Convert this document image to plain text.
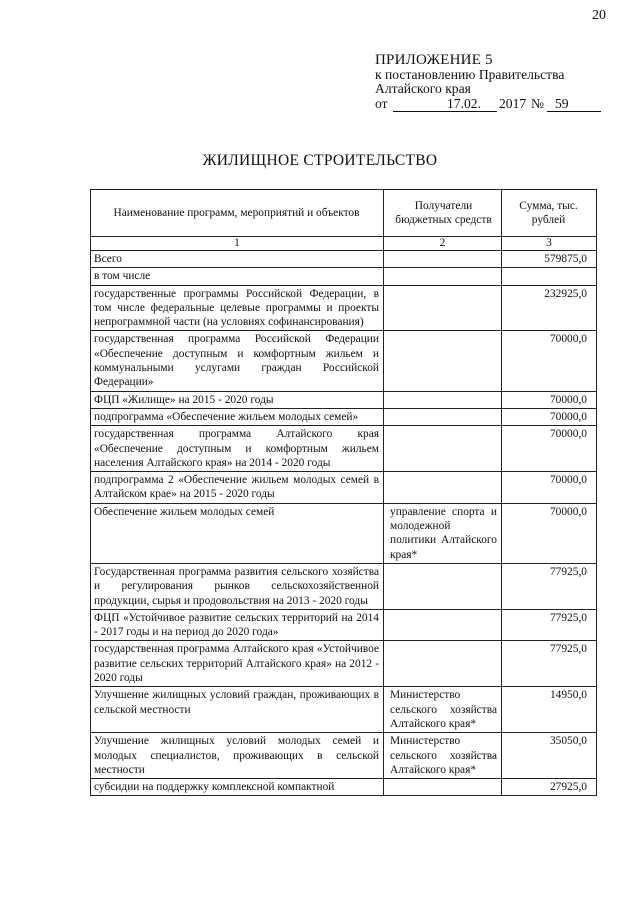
20
ПРИЛОЖЕНИЕ 5
к постановлению Правительства
Алтайского края
от	17.02. 2017 № 59
ЖИЛИЩНОЕ СТРОИТЕЛЬСТВО
Наименование программ, мероприятий и объектов	Получатели бюджетных средств	Сумма, тыс. рублей
1	2	3
Всего		579875,0
в том числе		
государственные программы Российской Федерации, в том числе федеральные целевые программы и проекты непрограммной части (на условиях софинансирования)		232925,0
государственная программа Российской Федерации «Обеспечение доступным и комфортным жильем и коммунальными услугами граждан Российской Федерации»		70000,0
ФЦП «Жилище» на 2015 - 2020 годы		70000,0
подпрограмма «Обеспечение жильем молодых семей»		70000,0
государственная программа Алтайского края «Обеспечение доступным и комфортным жильем населения Алтайского края» на 2014 - 2020 годы		70000,0
подпрограмма 2 «Обеспечение жильем молодых семей в Алтайском крае» на 2015 - 2020 годы		70000,0
Обеспечение жильем молодых семей	управление спорта и молодежной политики Алтайского края*	70000,0
Государственная программа развития сельского хозяйства и регулирования рынков сельскохозяйственной продукции, сырья и продовольствия на 2013 - 2020 годы		77925,0
ФЦП «Устойчивое развитие сельских территорий на 2014 - 2017 годы и на период до 2020 года»		77925,0
государственная программа Алтайского края «Устойчивое развитие сельских территорий Алтайского края» на 2012 - 2020 годы		77925,0
Улучшение жилищных условий граждан, проживающих в сельской местности	Министерство сельского хозяйства Алтайского края*	14950,0
Улучшение жилищных условий молодых семей и молодых специалистов, проживающих в сельской местности	Министерство сельского хозяйства Алтайского края*	35050,0
субсидии на поддержку комплексной компактной		27925,0
